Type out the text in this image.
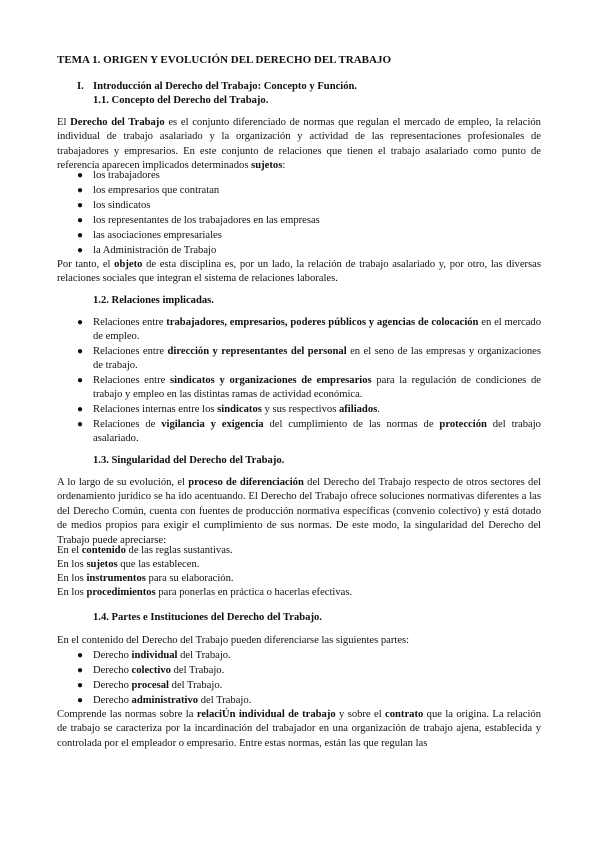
TEMA 1. ORIGEN Y EVOLUCIÓN DEL DERECHO DEL TRABAJO
I. Introducción al Derecho del Trabajo: Concepto y Función.
1.1. Concepto del Derecho del Trabajo.
El Derecho del Trabajo es el conjunto diferenciado de normas que regulan el mercado de empleo, la relación individual de trabajo asalariado y la organización y actividad de las representaciones profesionales de trabajadores y empresarios. En este conjunto de relaciones que tienen el trabajo asalariado como punto de referencia aparecen implicados determinados sujetos:
● los trabajadores
● los empresarios que contratan
● los sindicatos
● los representantes de los trabajadores en las empresas
● las asociaciones empresariales
● la Administración de Trabajo
Por tanto, el objeto de esta disciplina es, por un lado, la relación de trabajo asalariado y, por otro, las diversas relaciones sociales que integran el sistema de relaciones laborales.
1.2. Relaciones implicadas.
● Relaciones entre trabajadores, empresarios, poderes públicos y agencias de colocación en el mercado de empleo.
● Relaciones entre dirección y representantes del personal en el seno de las empresas y organizaciones de trabajo.
● Relaciones entre sindicatos y organizaciones de empresarios para la regulación de condiciones de trabajo y empleo en las distintas ramas de actividad económica.
● Relaciones internas entre los sindicatos y sus respectivos afiliados.
● Relaciones de vigilancia y exigencia del cumplimiento de las normas de protección del trabajo asalariado.
1.3. Singularidad del Derecho del Trabajo.
A lo largo de su evolución, el proceso de diferenciación del Derecho del Trabajo respecto de otros sectores del ordenamiento jurídico se ha ido acentuando. El Derecho del Trabajo ofrece soluciones normativas diferentes a las del Derecho Común, cuenta con fuentes de producción normativa específicas (convenio colectivo) y está dotado de medios propios para exigir el cumplimiento de sus normas. De este modo, la singularidad del Derecho del Trabajo puede apreciarse:
En el contenido de las reglas sustantivas.
En los sujetos que las establecen.
En los instrumentos para su elaboración.
En los procedimientos para ponerlas en práctica o hacerlas efectivas.
1.4. Partes e Instituciones del Derecho del Trabajo.
En el contenido del Derecho del Trabajo pueden diferenciarse las siguientes partes:
● Derecho individual del Trabajo.
● Derecho colectivo del Trabajo.
● Derecho procesal del Trabajo.
● Derecho administrativo del Trabajo.
Comprende las normas sobre la relaciÚn individual de trabajo y sobre el contrato que la origina. La relación de trabajo se caracteriza por la incardinación del trabajador en una organización de trabajo ajena, establecida y controlada por el empleador o empresario. Entre estas normas, están las que regulan las
